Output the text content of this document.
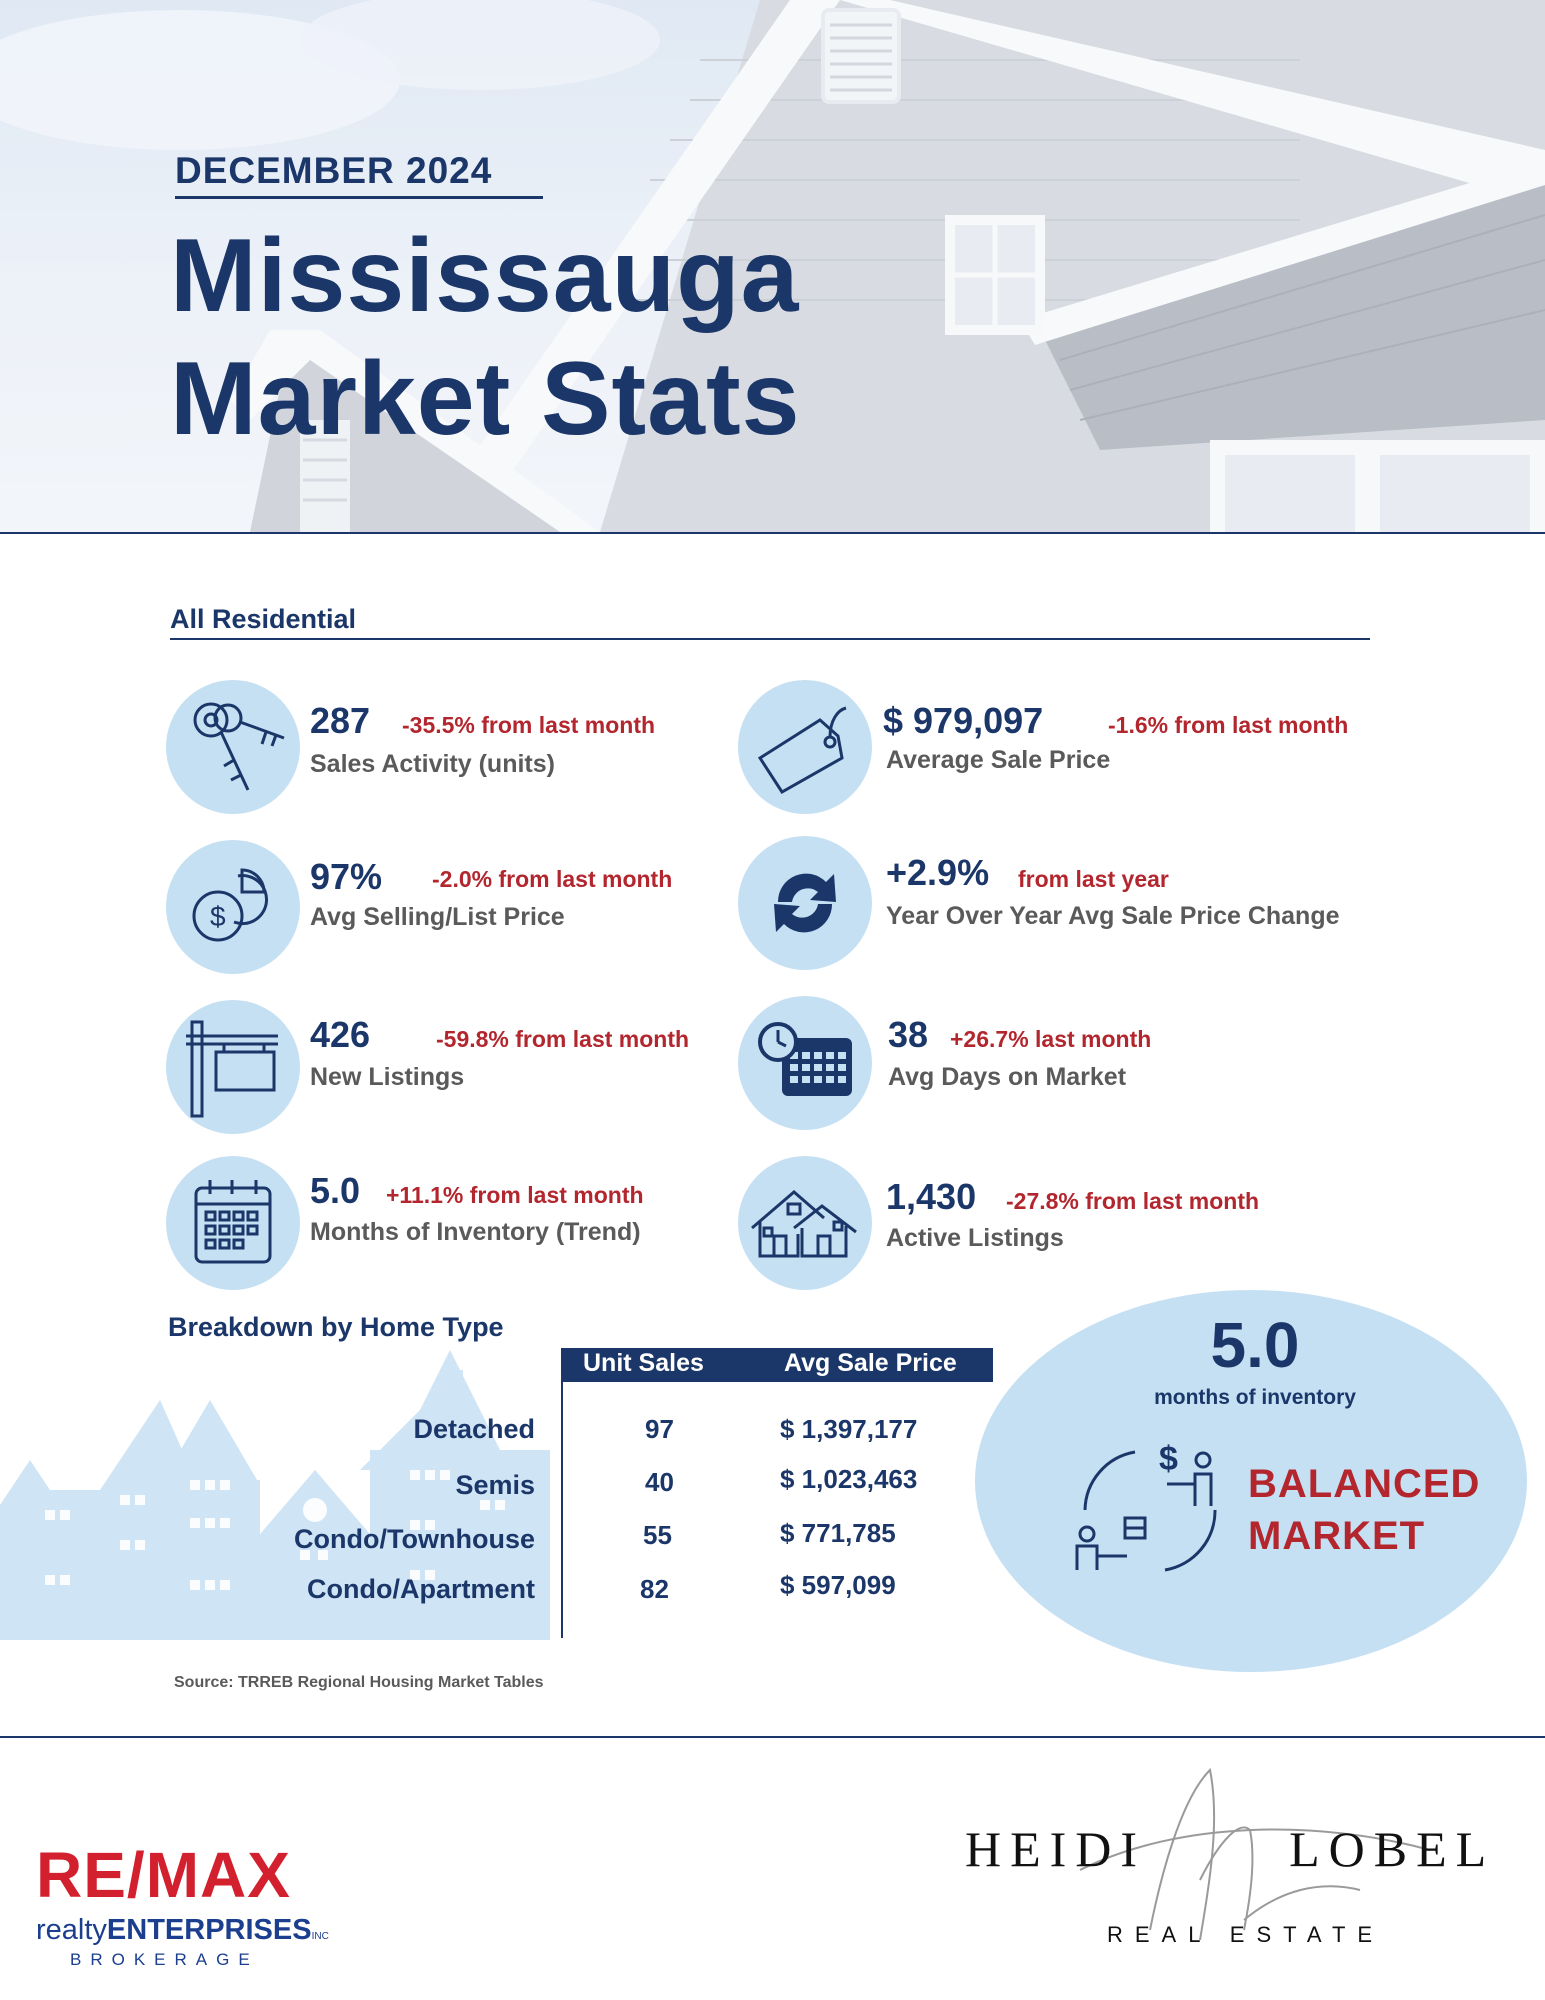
DECEMBER 2024
Mississauga
Market Stats
All Residential
287 -35.5% from last month
Sales Activity (units)
$ 979,097	-1.6% from last month
Average Sale Price
$
97% -2.0% from last month
Avg Selling/List Price
+2.9% from last year
Year Over Year Avg Sale Price Change
426	-59.8% from last month
New Listings
38 +26.7% last month
Avg Days on Market
5.0 +11.1% from last month
Months of Inventory (Trend)
1,430 -27.8% from last month
Active Listings
Breakdown by Home Type
Unit Sales	Avg Sale Price
Detached	97	$ 1,397,177
Semis	40	$ 1,023,463
Condo/Townhouse	55	$ 771,785
Condo/Apartment	82	$ 597,099
5.0
months of inventory
$
BALANCED
MARKET
Source: TRREB Regional Housing Market Tables
RE/MAX
realtyENTERPRISESINC
BROKERAGE
HEIDI	LOBEL
REAL ESTATE
